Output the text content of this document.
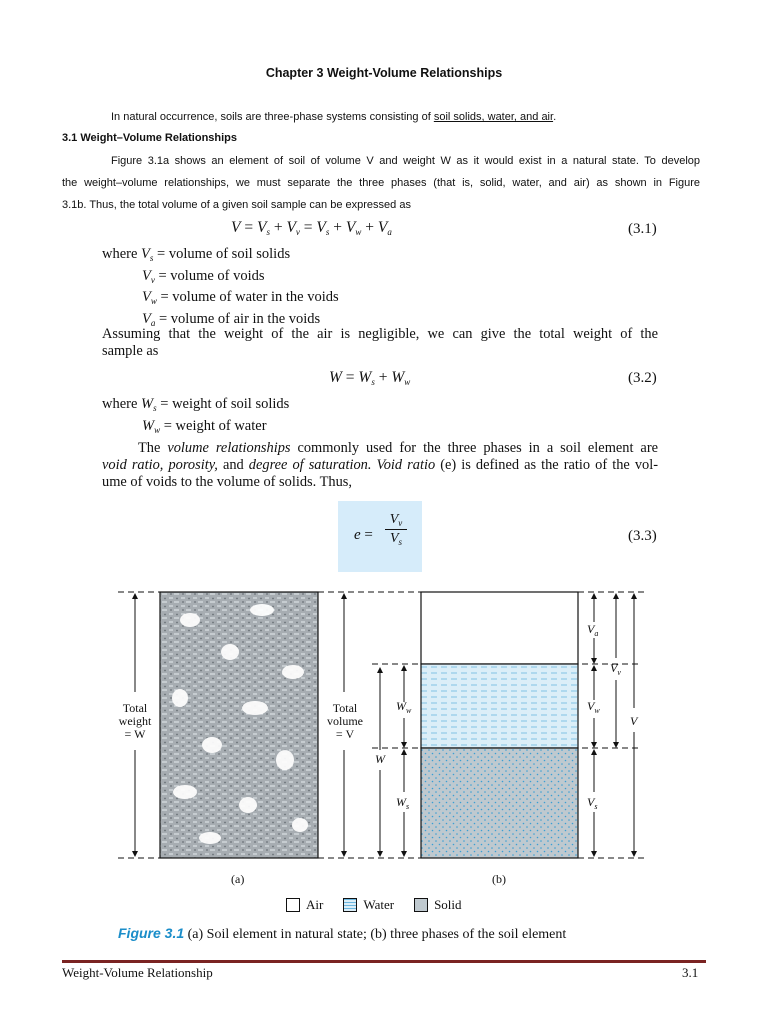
Chapter 3 Weight-Volume Relationships
In natural occurrence, soils are three-phase systems consisting of soil solids, water, and air.
3.1 Weight–Volume Relationships
Figure 3.1a shows an element of soil of volume V and weight W as it would exist in a natural state. To develop
the weight–volume relationships, we must separate the three phases (that is, solid, water, and air) as shown in Figure
3.1b. Thus, the total volume of a given soil sample can be expressed as
$V = V_s + V_v = V_s + V_w + V_a$	(3.1)
where $V_s$ = volume of soil solids
$V_v$ = volume of voids
$V_w$ = volume of water in the voids
$V_a$ = volume of air in the voids
Assuming that the weight of the air is negligible, we can give the total weight of the
sample as
$W = W_s + W_w$	(3.2)
where $W_s$ = weight of soil solids
$W_w$ = weight of water
The volume relationships commonly used for the three phases in a soil element are
void ratio, porosity, and degree of saturation. Void ratio (e) is defined as the ratio of the vol-
ume of voids to the volume of solids. Thus,
e =
$V_v$
$V_s$	(3.3)
$V_a$
$V_v$
$V_w$
V
$V_s$
$W_w$
$W_s$
W
Total
weight
= W
Total
volume
= V
(a)	(b)
Air	Water	Solid
Figure 3.1 (a) Soil element in natural state; (b) three phases of the soil element
Weight-Volume Relationship	3.1
